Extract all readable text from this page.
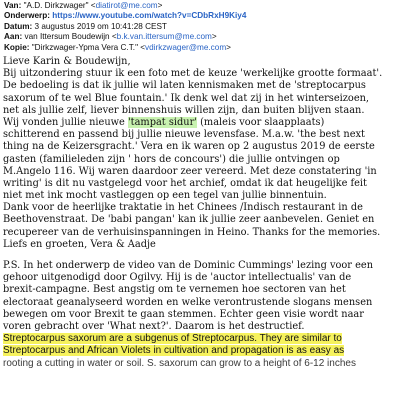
Van: "A.D. Dirkzwager" <diatirot@me.com>
Onderwerp: https://www.youtube.com/watch?v=CDbRxH9Kiy4
Datum: 3 augustus 2019 om 10:41:28 CEST
Aan: van Ittersum Boudewijn <b.k.van.ittersum@me.com>
Kopie: "Dirkzwager-Ypma Vera C.T." <vdirkzwager@me.com>
Lieve Karin & Boudewijn,
Bij uitzondering stuur ik een foto met de keuze 'werkelijke grootte formaat'.
De bedoeling is dat ik jullie wil laten kennismaken met de 'streptocarpus
saxorum of te wel Blue fountain.' Ik denk wel dat zij in het winterseizoen,
net als jullie zelf, liever binnenshuis willen zijn, dan buiten blijven staan.
Wij vonden jullie nieuwe 'tampat sidur' (maleis voor slaapplaats)
schitterend en passend bij jullie nieuwe levensfase. M.a.w. 'the best next
thing na de Keizersgracht.' Vera en ik waren op 2 augustus 2019 de eerste
gasten (familieleden zijn ' hors de concours') die jullie ontvingen op
M.Angelo 116. Wij waren daardoor zeer vereerd. Met deze constatering 'in
writing' is dit nu vastgelegd voor het archief, omdat ik dat heugelijke feit
niet met ink mocht vastleggen op een tegel van jullie binnentuin.
Dank voor de heerlijke traktatie in het Chinees /Indisch restaurant in de
Beethovenstraat. De 'babi pangan' kan ik jullie zeer aanbevelen. Geniet en
recupereer van de verhuisinspanningen in Heino. Thanks for the memories.
Liefs en groeten, Vera & Aadje
P.S. In het onderwerp de video van de Dominic Cummings' lezing voor een
gehoor uitgenodigd door Ogilvy. Hij is de 'auctor intellectualis' van de
brexit-campagne. Best angstig om te vernemen hoe sectoren van het
electoraat geanalyseerd worden en welke verontrustende slogans mensen
bewegen om voor Brexit te gaan stemmen. Echter geen visie wordt naar
voren gebracht over 'What next?'. Daarom is het destructief.
Streptocarpus saxorum are a subgenus of Streptocarpus. They are similar to
Streptocarpus and African Violets in cultivation and propagation is as easy as
rooting a cutting in water or soil. S. saxorum can grow to a height of 6-12 inches
